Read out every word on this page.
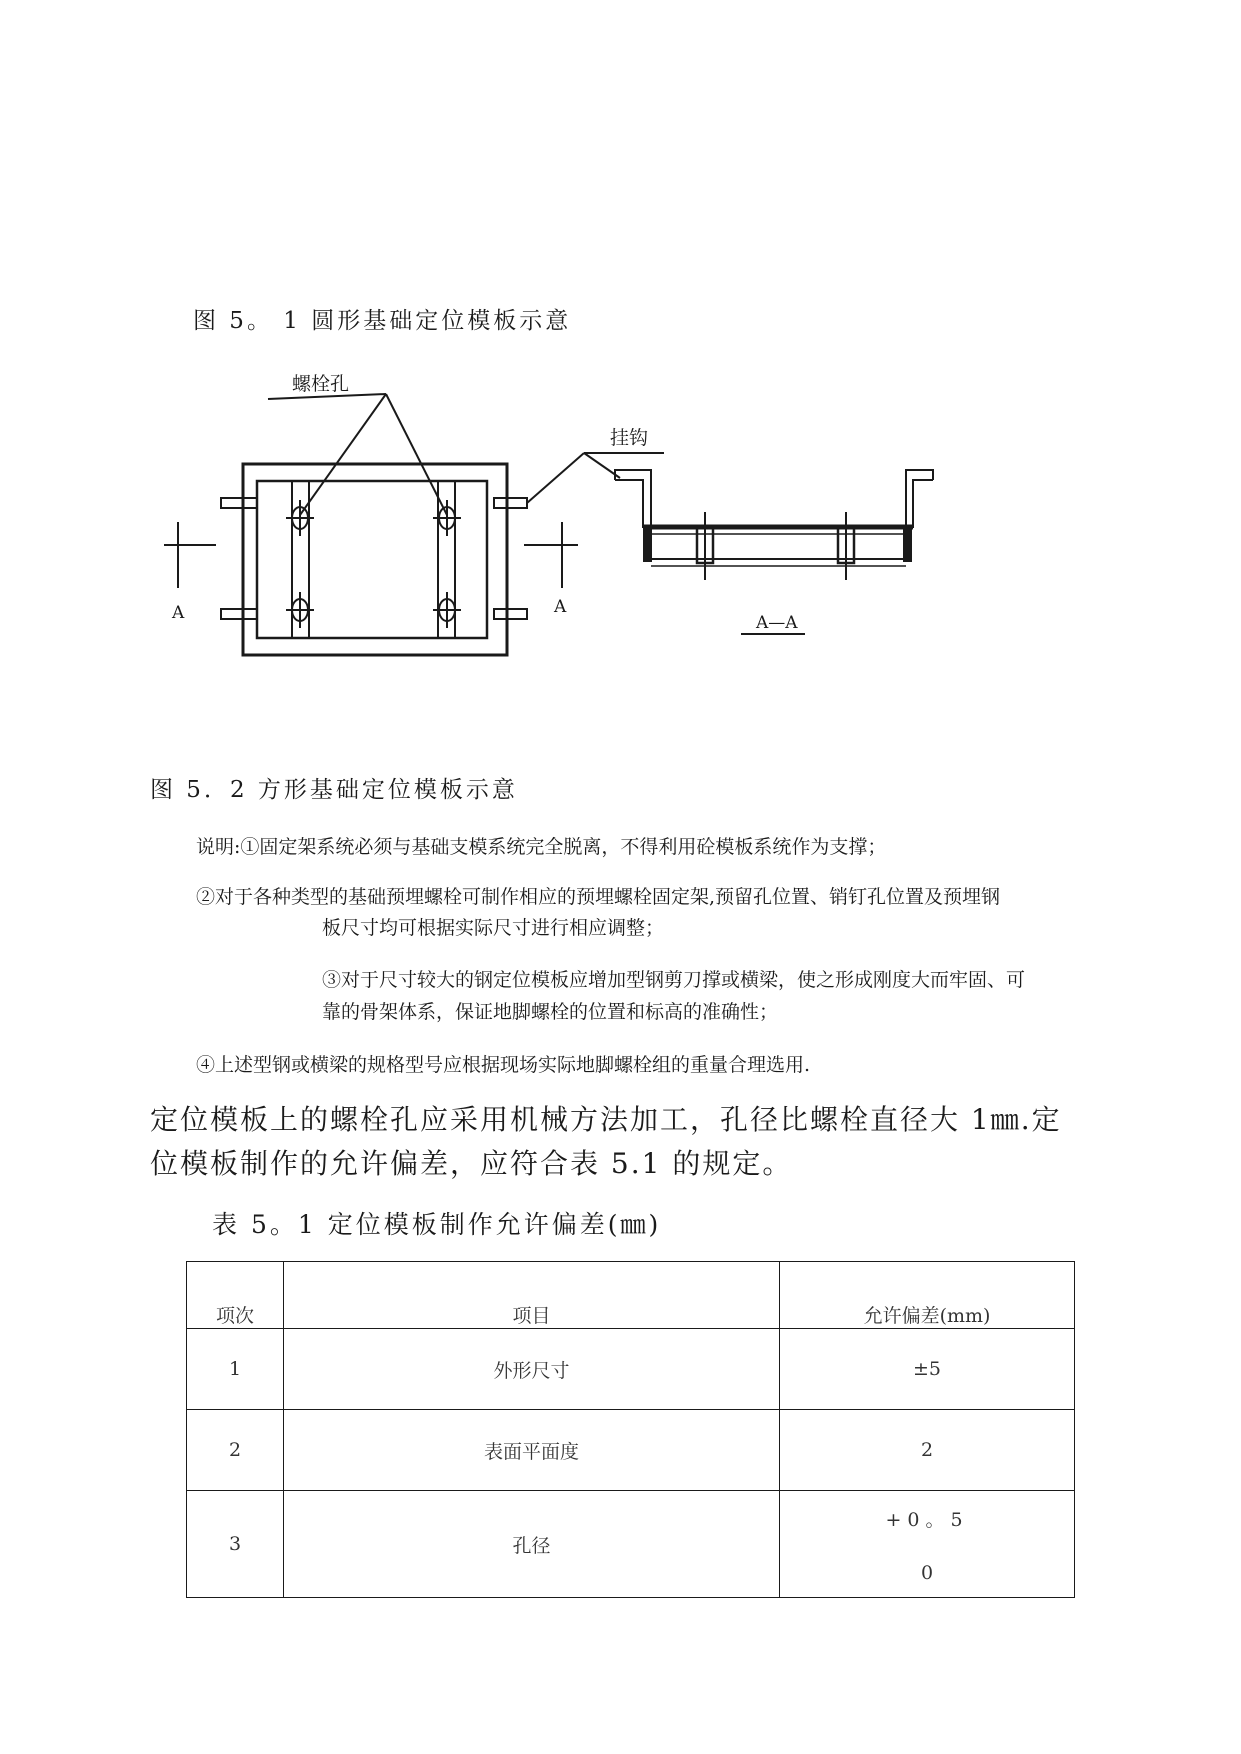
图 5。 1 圆形基础定位模板示意
螺栓孔
A	A
挂钩
A—A
图 5．2 方形基础定位模板示意
说明:①固定架系统必须与基础支模系统完全脱离，不得利用砼模板系统作为支撑；
②对于各种类型的基础预埋螺栓可制作相应的预埋螺栓固定架,预留孔位置、销钉孔位置及预埋钢
板尺寸均可根据实际尺寸进行相应调整；
③对于尺寸较大的钢定位模板应增加型钢剪刀撑或横梁，使之形成刚度大而牢固、可
靠的骨架体系，保证地脚螺栓的位置和标高的准确性；
④上述型钢或横梁的规格型号应根据现场实际地脚螺栓组的重量合理选用.
定位模板上的螺栓孔应采用机械方法加工，孔径比螺栓直径大 1㎜.定
位模板制作的允许偏差，应符合表 5.1 的规定。
表 5。1 定位模板制作允许偏差(㎜)
项次	项目	允许偏差(mm)
1	外形尺寸	±5
2	表面平面度	2
3	孔径	+0。5
0
